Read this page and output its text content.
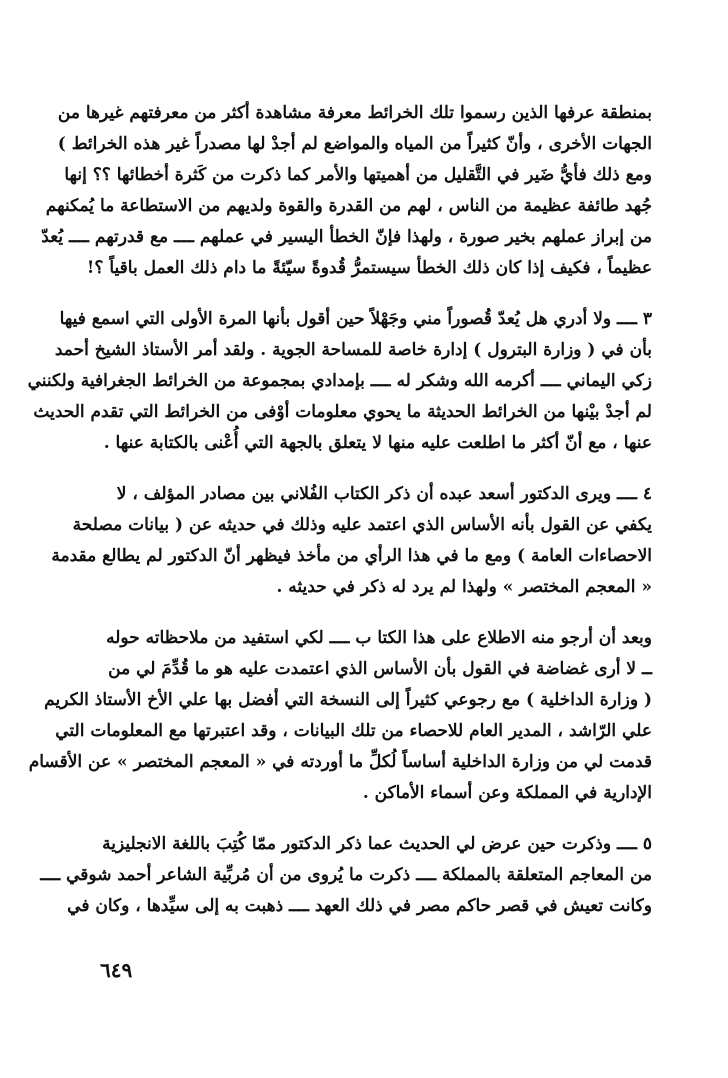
بمنطقة عرفها الذين رسموا تلك الخرائط معرفة مشاهدة أكثر من معرفتهم غيرها من
الجهات الأخرى ، وأنّ كثيراً من المياه والمواضع لم أجدْ لها مصدراً غير هذه الخرائط )
ومع ذلك فأيُّ ضَير في التَّقليل من أهميتها والأمر كما ذكرت من كَثرة أخطائها ؟؟ إنها
جُهد طائفة عظيمة من الناس ، لهم من القدرة والقوة ولديهم من الاستطاعة ما يُمكنهم
من إبراز عملهم بخير صورة ، ولهذا فإنّ الخطأ اليسير في عملهم ــــ مع قدرتهم ــــ يُعدّ
عظيماً ، فكيف إذا كان ذلك الخطأ سيستمرُّ قُدوةً سيّئةً ما دام ذلك العمل باقياً ؟!
٣ ــــ ولا أدري هل يُعدّ قُصوراً مني وجَهْلاً حين أقول بأنها المرة الأولى التي اسمع فيها
بأن في ( وزارة البترول ) إدارة خاصة للمساحة الجوية . ولقد أمر الأستاذ الشيخ أحمد
زكي اليماني ــــ أكرمه الله وشكر له ــــ بإمدادي بمجموعة من الخرائط الجغرافية ولكنني
لم أجدْ بيْنها من الخرائط الحديثة ما يحوي معلومات أوْفى من الخرائط التي تقدم الحديث
عنها ، مع أنّ أكثر ما اطلعت عليه منها لا يتعلق بالجهة التي أُعْنى بالكتابة عنها .
٤ ــــ ويرى الدكتور أسعد عبده أن ذكر الكتاب الفُلاني بين مصادر المؤلف ، لا
يكفي عن القول بأنه الأساس الذي اعتمد عليه وذلك في حديثه عن ( بيانات مصلحة
الاحصاءات العامة ) ومع ما في هذا الرأي من مأخذ فيظهر أنّ الدكتور لم يطالع مقدمة
« المعجم المختصر » ولهذا لم يرد له ذكر في حديثه .
وبعد أن أرجو منه الاطلاع على هذا الكتا ب ــــ لكي استفيد من ملاحظاته حوله
ــ لا أرى غضاضة في القول بأن الأساس الذي اعتمدت عليه هو ما قُدِّمَ لي من
( وزارة الداخلية ) مع رجوعي كثيراً إلى النسخة التي أفضل بها علي الأخ الأستاذ الكريم
علي الرّاشد ، المدير العام للاحصاء من تلك البيانات ، وقد اعتبرتها مع المعلومات التي
قدمت لي من وزارة الداخلية أساساً لُكلِّ ما أوردته في « المعجم المختصر » عن الأقسام
الإدارية في المملكة وعن أسماء الأماكن .
٥ ــــ وذكرت حين عرض لي الحديث عما ذكر الدكتور ممّا كُتِبَ باللغة الانجليزية
من المعاجم المتعلقة بالمملكة ــــ ذكرت ما يُروى من أن مُربِّية الشاعر أحمد شوقي ــــ
وكانت تعيش في قصر حاكم مصر في ذلك العهد ــــ ذهبت به إلى سيِّدها ، وكان في
٦٤٩
